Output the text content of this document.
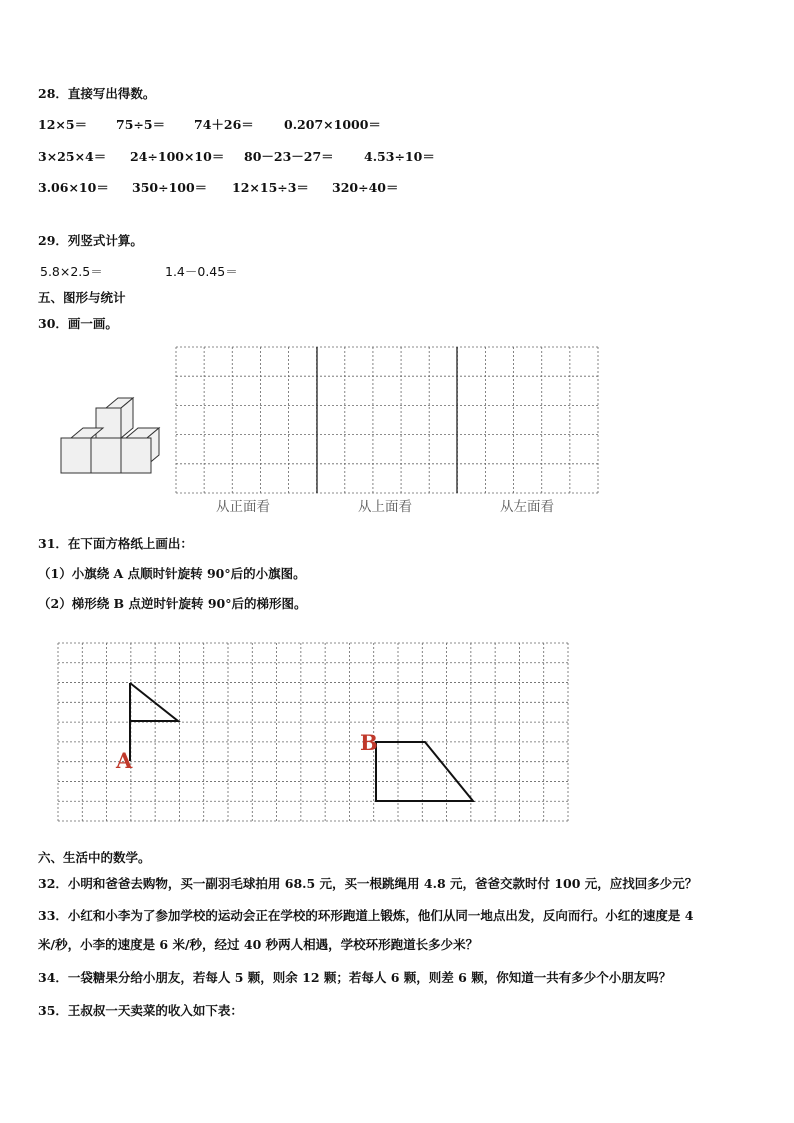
28．直接写出得数。
12×5＝ 75÷5＝ 74＋26＝ 0.207×1000＝
3×25×4＝ 24÷100×10＝ 80－23－27＝ 4.53÷10＝
3.06×10＝ 350÷100＝ 12×15÷3＝ 320÷40＝
29．列竖式计算。
5.8×2.5＝	1.4－0.45＝
五、图形与统计
30．画一画。
从正面看	从上面看	从左面看
31．在下面方格纸上画出：
（1）小旗绕 A 点顺时针旋转 90°后的小旗图。
（2）梯形绕 B 点逆时针旋转 90°后的梯形图。
A
B
六、生活中的数学。
32．小明和爸爸去购物，买一副羽毛球拍用 68.5 元，买一根跳绳用 4.8 元，爸爸交款时付 100 元，应找回多少元？
33．小红和小李为了参加学校的运动会正在学校的环形跑道上锻炼，他们从同一地点出发，反向而行。小红的速度是 4
米/秒，小李的速度是 6 米/秒，经过 40 秒两人相遇，学校环形跑道长多少米？
34．一袋糖果分给小朋友，若每人 5 颗，则余 12 颗；若每人 6 颗，则差 6 颗，你知道一共有多少个小朋友吗？
35．王叔叔一天卖菜的收入如下表：
